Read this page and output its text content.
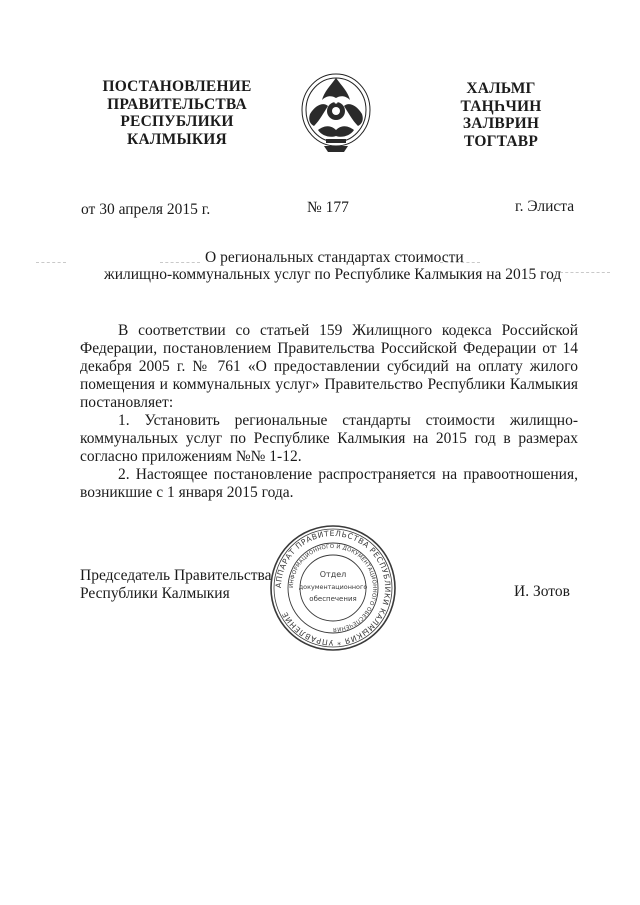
ПОСТАНОВЛЕНИЕ
ПРАВИТЕЛЬСТВА
РЕСПУБЛИКИ
КАЛМЫКИЯ
ХАЛЬМГ
ТАҢҺЧИН
ЗАЛВРИН
ТОГТАВР
от 30 апреля 2015 г.	№ 177	г. Элиста
О региональных стандартах стоимости
жилищно-коммунальных услуг по Республике Калмыкия на 2015 год
В соответствии со статьей 159 Жилищного кодекса Российской
Федерации, постановлением Правительства Российской Федерации от 14
декабря 2005 г. № 761 «О предоставлении субсидий на оплату жилого
помещения и коммунальных услуг» Правительство Республики Калмыкия
постановляет:
1. Установить региональные стандарты стоимости жилищно-
коммунальных услуг по Республике Калмыкия на 2015 год в размерах
согласно приложениям №№ 1-12.
2. Настоящее постановление распространяется на правоотношения,
возникшие с 1 января 2015 года.
Председатель Правительства
Республики Калмыкия	АППАРАТ ПРАВИТЕЛЬСТВА РЕСПУБЛИКИ КАЛМЫКИЯ * УПРАВЛЕНИЕ
ИНФОРМАЦИОННОГО И ДОКУМЕНТАЦИОННОГО ОБЕСПЕЧЕНИЯ
Отдел
документационного
обеспечения	И. Зотов
